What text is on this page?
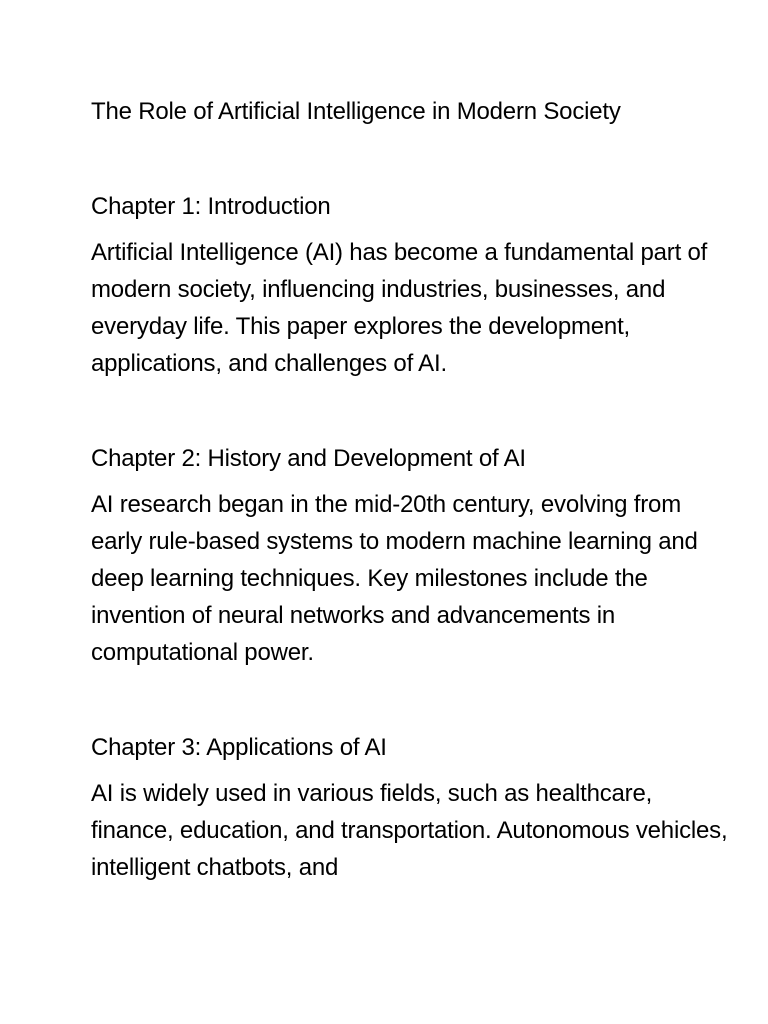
The Role of Artificial Intelligence in Modern Society

Chapter 1: Introduction

Artificial Intelligence (AI) has become a fundamental part of modern society, influencing industries, businesses, and everyday life. This paper explores the development, applications, and challenges of AI.

Chapter 2: History and Development of AI

AI research began in the mid-20th century, evolving from early rule-based systems to modern machine learning and deep learning techniques. Key milestones include the invention of neural networks and advancements in computational power.

Chapter 3: Applications of AI

AI is widely used in various fields, such as healthcare, finance, education, and transportation. Autonomous vehicles, intelligent chatbots, and
